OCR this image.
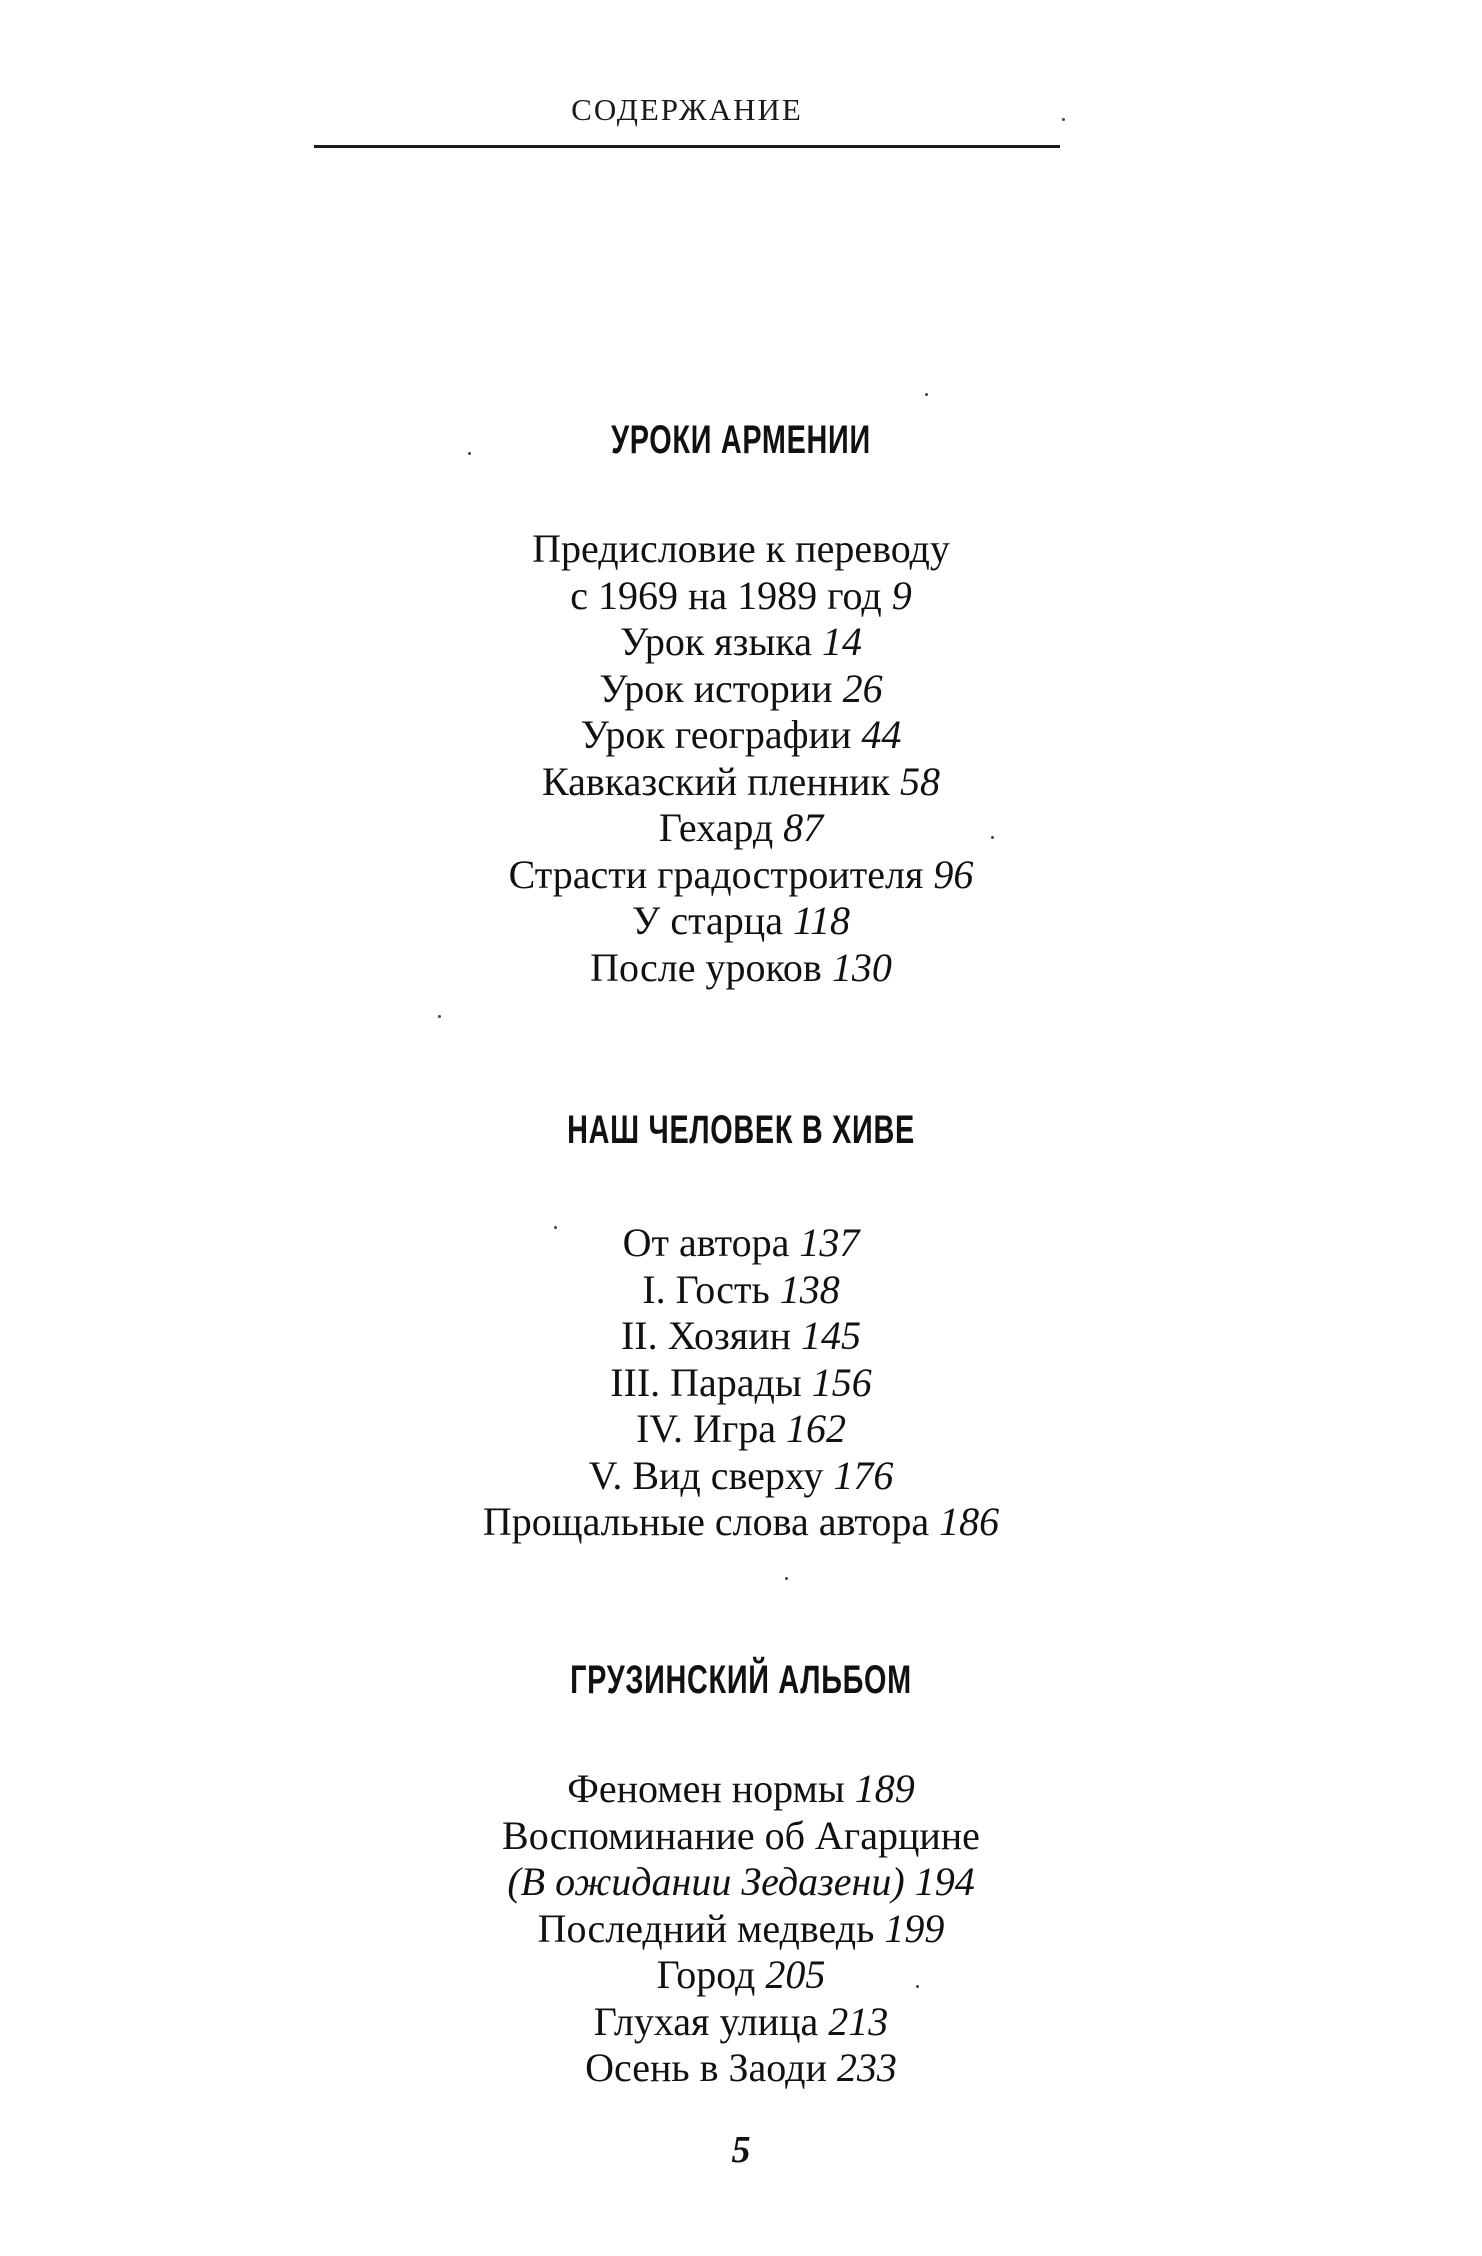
СОДЕРЖАНИЕ
УРОКИ АРМЕНИИ
Предисловие к переводу
с 1969 на 1989 год 9
Урок языка 14
Урок истории 26
Урок географии 44
Кавказский пленник 58
Гехард 87
Страсти градостроителя 96
У старца 118
После уроков 130
НАШ ЧЕЛОВЕК В ХИВЕ
От автора 137
I. Гость 138
II. Хозяин 145
III. Парады 156
IV. Игра 162
V. Вид сверху 176
Прощальные слова автора 186
ГРУЗИНСКИЙ АЛЬБОМ
Феномен нормы 189
Воспоминание об Агарцине
(В ожидании Зедазени) 194
Последний медведь 199
Город 205
Глухая улица 213
Осень в Заоди 233
5
